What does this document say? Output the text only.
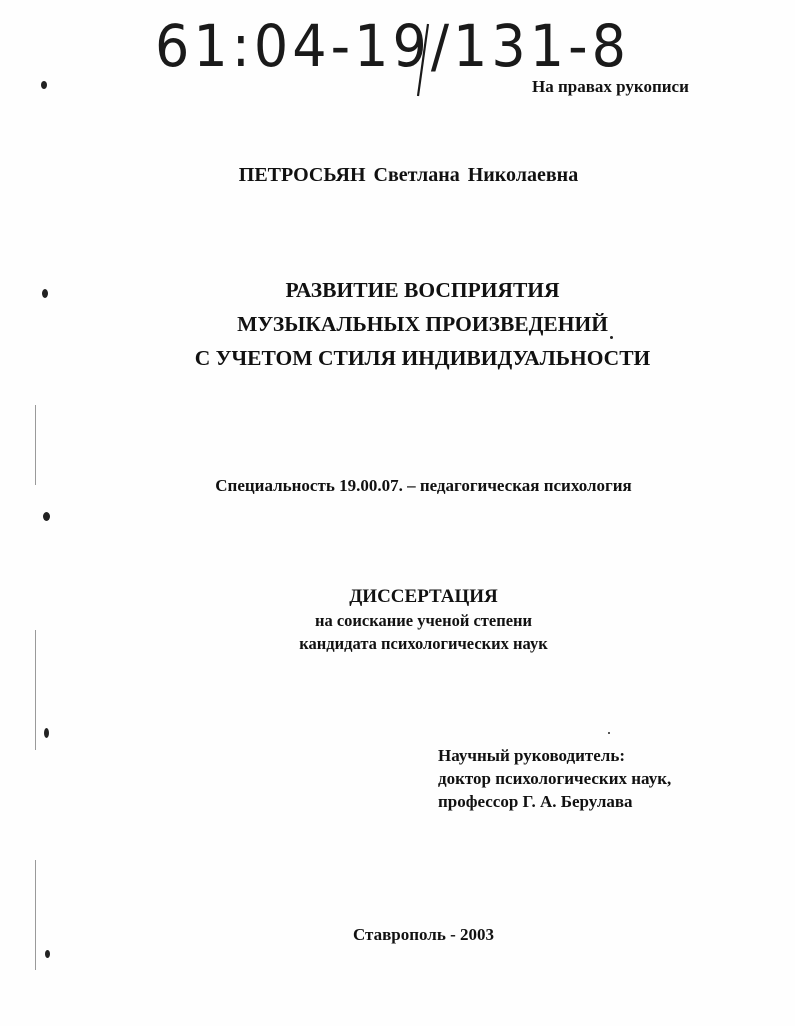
61:04-19/131-8
На правах рукописи
ПЕТРОСЬЯН Светлана Николаевна
РАЗВИТИЕ ВОСПРИЯТИЯ
МУЗЫКАЛЬНЫХ ПРОИЗВЕДЕНИЙ
С УЧЕТОМ СТИЛЯ ИНДИВИДУАЛЬНОСТИ
Специальность 19.00.07. – педагогическая психология
ДИССЕРТАЦИЯ
на соискание ученой степени
кандидата психологических наук
Научный руководитель:
доктор психологических наук,
профессор Г. А. Берулава
Ставрополь - 2003
